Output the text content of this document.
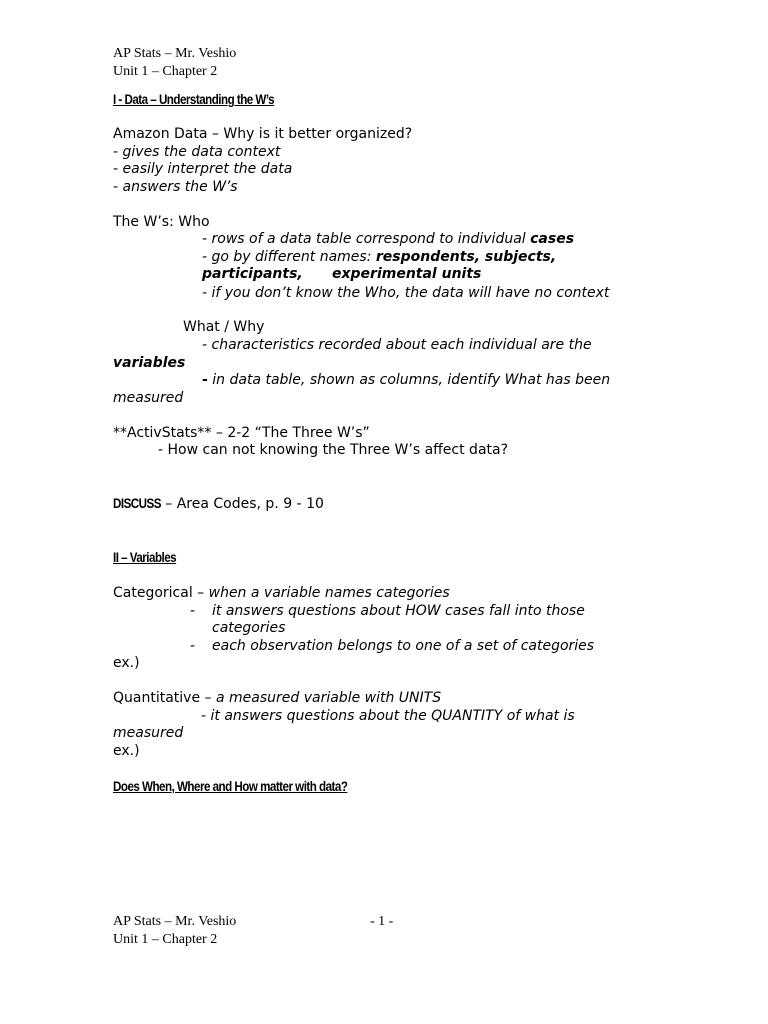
AP Stats – Mr. Veshio
Unit 1 – Chapter 2
I - Data – Understanding the W’s
Amazon Data – Why is it better organized?
- gives the data context
- easily interpret the data
- answers the W’s
The W’s: Who
- rows of a data table correspond to individual cases
- go by different names: respondents, subjects,
participants, experimental units
- if you don’t know the Who, the data will have no context
What / Why
- characteristics recorded about each individual are the
variables
- in data table, shown as columns, identify What has been
measured
**ActivStats** – 2-2 “The Three W’s”
- How can not knowing the Three W’s affect data?
DISCUSS – Area Codes, p. 9 - 10
II – Variables
Categorical – when a variable names categories
- it answers questions about HOW cases fall into those
categories
- each observation belongs to one of a set of categories
ex.)
Quantitative – a measured variable with UNITS
- it answers questions about the QUANTITY of what is
measured
ex.)
Does When, Where and How matter with data?
AP Stats – Mr. Veshio
Unit 1 – Chapter 2
- 1 -
